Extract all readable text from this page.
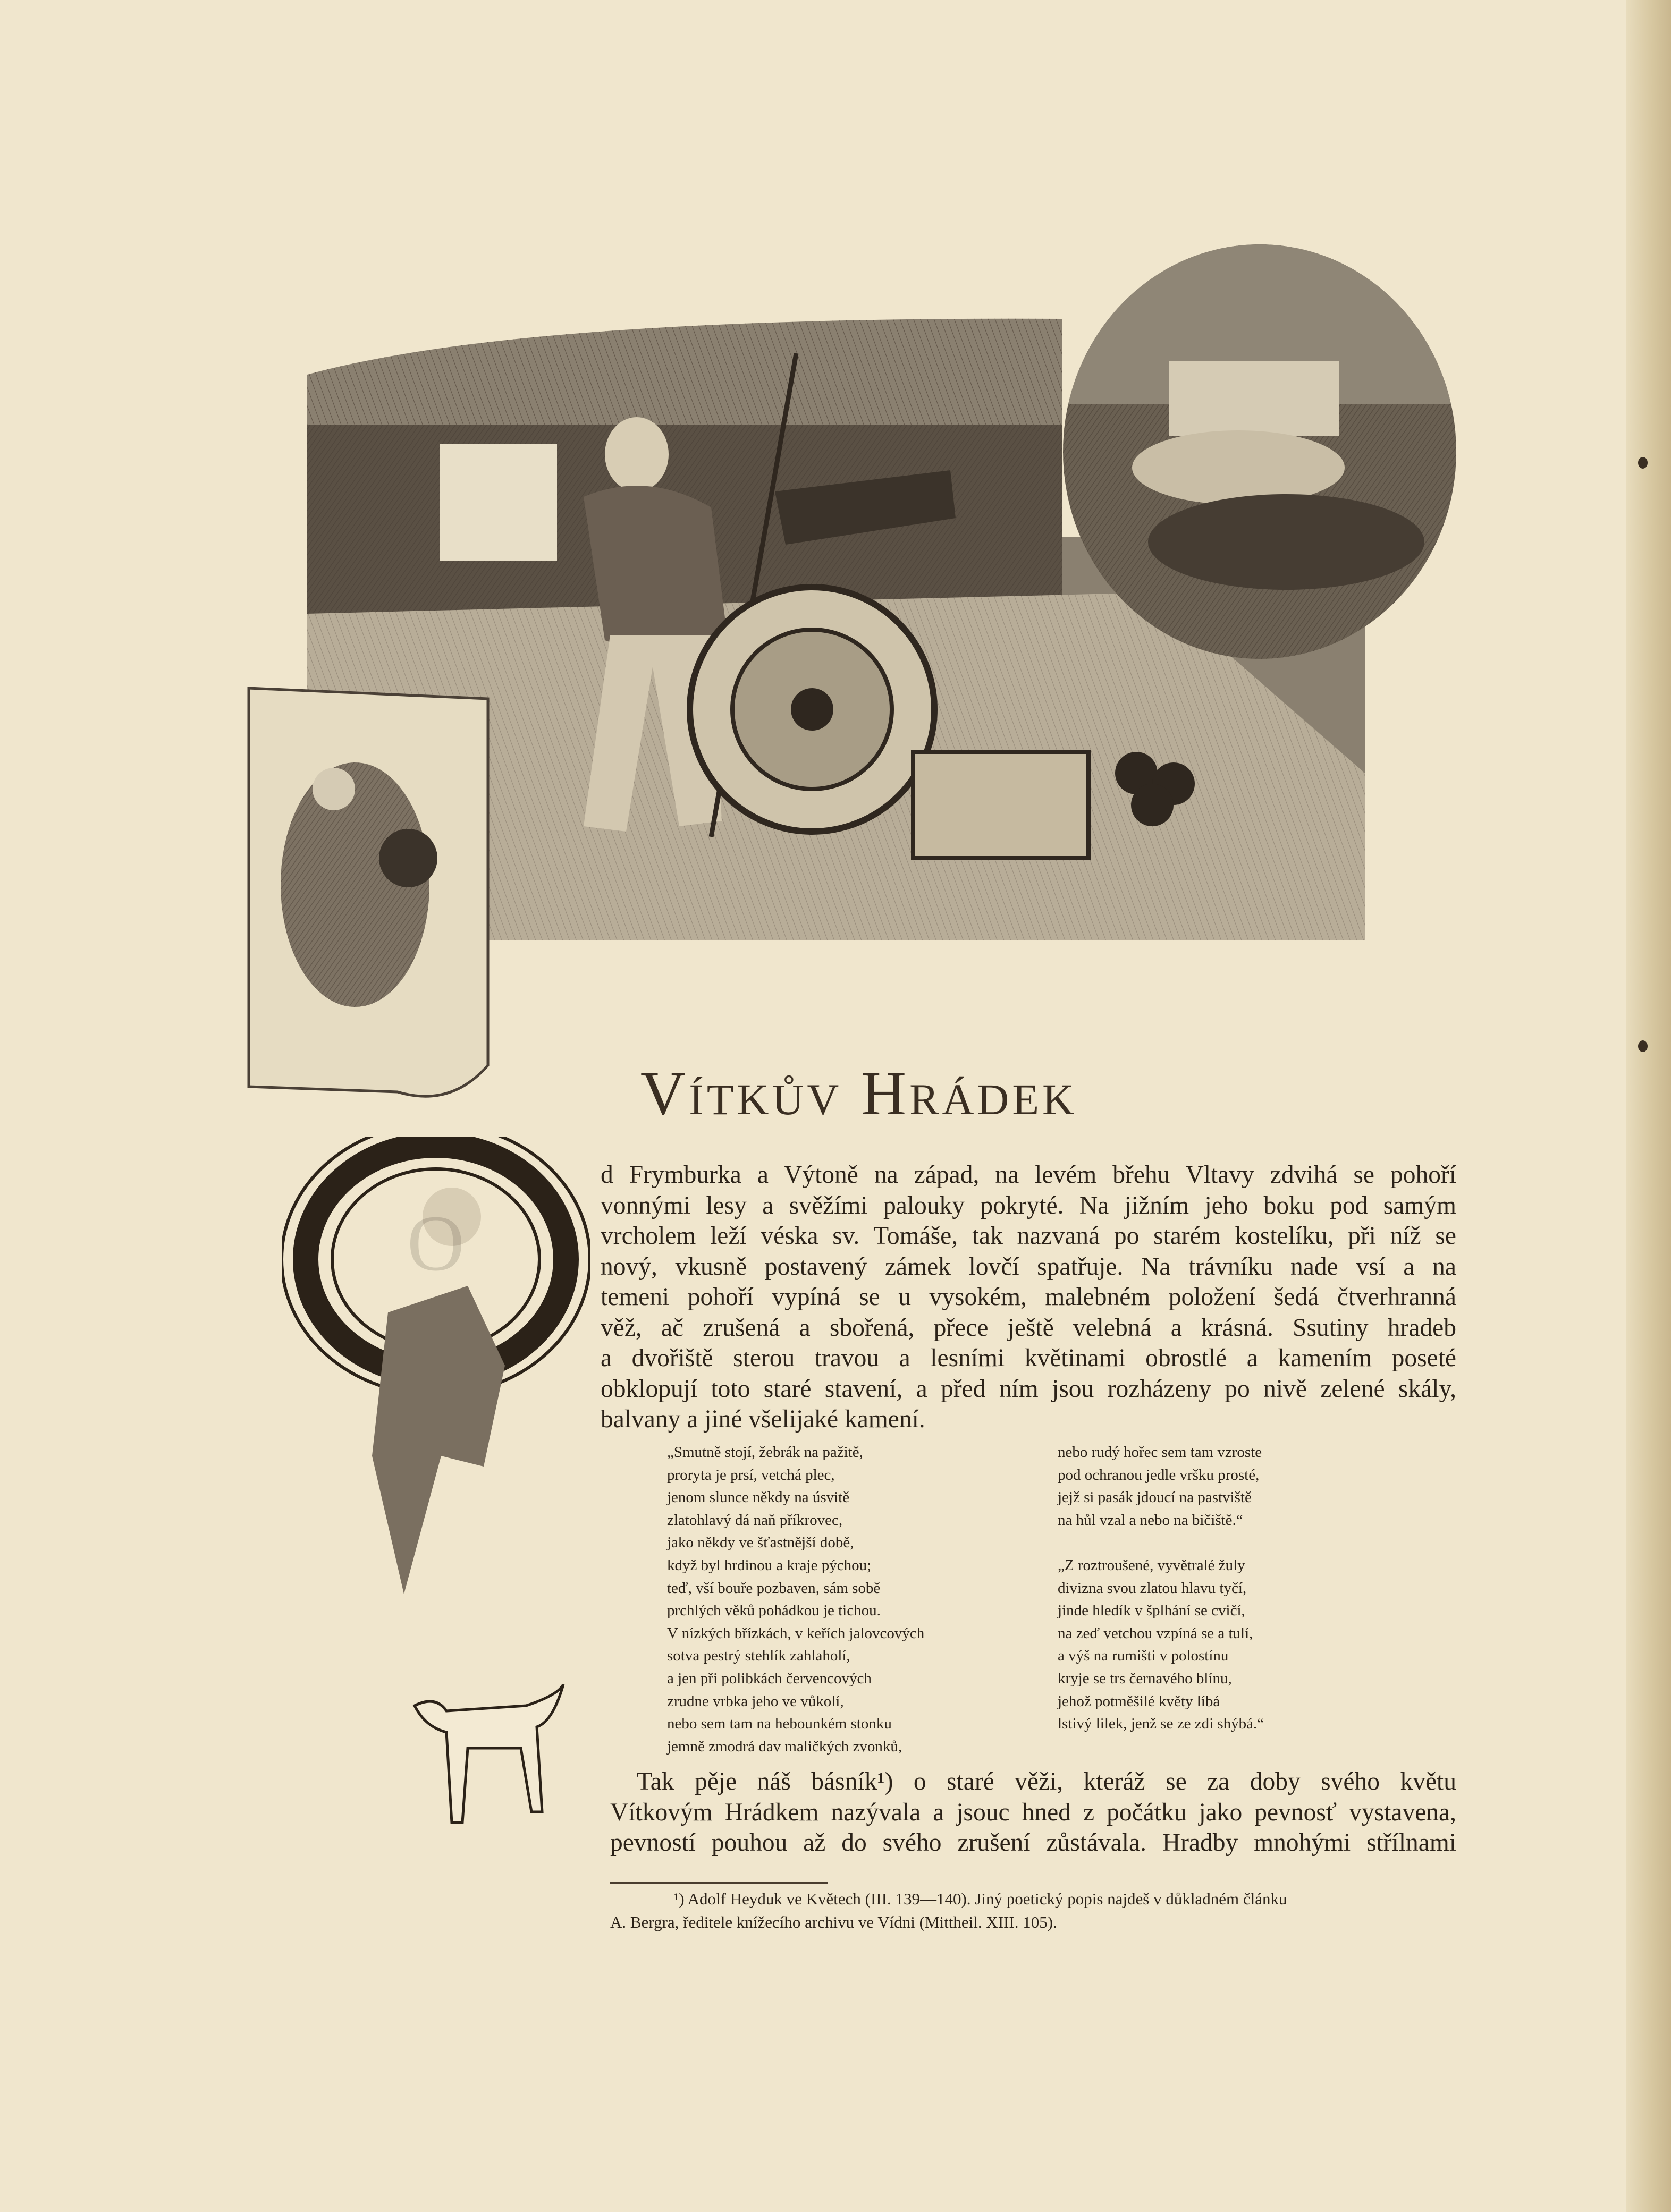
O
Vítkův Hrádek
d Frymburka a Výtoně na západ, na levém břehu Vltavy zdvihá se pohoří
vonnými lesy a svěžími palouky pokryté. Na jižním jeho boku pod samým
vrcholem leží véska sv. Tomáše, tak nazvaná po starém kostelíku, při níž se
nový, vkusně postavený zámek lovčí spatřuje. Na trávníku nade vsí a na
temeni pohoří vypíná se u vysokém, malebném položení šedá čtverhranná
věž, ač zrušená a sbořená, přece ještě velebná a krásná. Ssutiny hradeb
a dvořiště sterou travou a lesními květinami obrostlé a kamením poseté
obklopují toto staré stavení, a před ním jsou rozházeny po nivě zelené skály,
balvany a jiné všelijaké kamení.
„Smutně stojí, žebrák na pažitě,
proryta je prsí, vetchá plec,
jenom slunce někdy na úsvitě
zlatohlavý dá naň příkrovec,
jako někdy ve šťastnější době,
když byl hrdinou a kraje pýchou;
teď, vší bouře pozbaven, sám sobě
prchlých věků pohádkou je tichou.
V nízkých břízkách, v keřích jalovcových
sotva pestrý stehlík zahlaholí,
a jen při polibkách červencových
zrudne vrbka jeho ve vůkolí,
nebo sem tam na hebounkém stonku
jemně zmodrá dav maličkých zvonků,
nebo rudý hořec sem tam vzroste
pod ochranou jedle vršku prosté,
jejž si pasák jdoucí na pastviště
na hůl vzal a nebo na bičiště.“
„Z roztroušené, vyvětralé žuly
divizna svou zlatou hlavu tyčí,
jinde hledík v šplhání se cvičí,
na zeď vetchou vzpíná se a tulí,
a výš na rumišti v polostínu
kryje se trs černavého blínu,
jehož potměšilé květy líbá
lstivý lilek, jenž se ze zdi shýbá.“
Tak pěje náš básník¹) o staré věži, kteráž se za doby svého květu
Vítkovým Hrádkem nazývala a jsouc hned z počátku jako pevnosť vystavena,
pevností pouhou až do svého zrušení zůstávala. Hradby mnohými střílnami
¹) Adolf Heyduk ve Květech (III. 139—140). Jiný poetický popis najdeš v důkladném článku
A. Bergra, ředitele knížecího archivu ve Vídni (Mittheil. XIII. 105).
